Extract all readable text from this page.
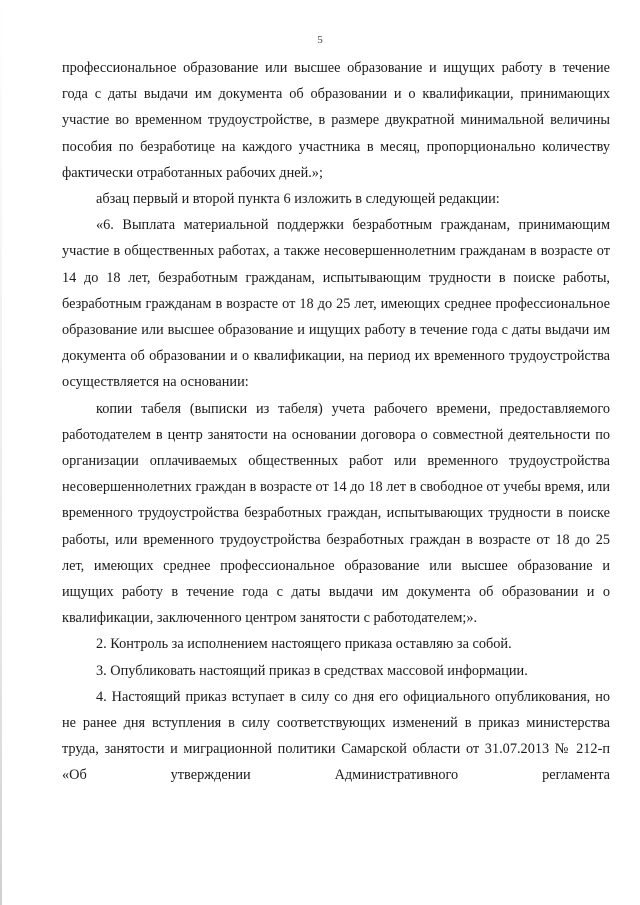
5

профессиональное образование или высшее образование и ищущих работу в течение года с даты выдачи им документа об образовании и о квалификации, принимающих участие во временном трудоустройстве, в размере двукратной минимальной величины пособия по безработице на каждого участника в месяц, пропорционально количеству фактически отработанных рабочих дней.»;

абзац первый и второй пункта 6 изложить в следующей редакции:

«6. Выплата материальной поддержки безработным гражданам, принимающим участие в общественных работах, а также несовершеннолетним гражданам в возрасте от 14 до 18 лет, безработным гражданам, испытывающим трудности в поиске работы, безработным гражданам в возрасте от 18 до 25 лет, имеющих среднее профессиональное образование или высшее образование и ищущих работу в течение года с даты выдачи им документа об образовании и о квалификации, на период их временного трудоустройства осуществляется на основании:

копии табеля (выписки из табеля) учета рабочего времени, предоставляемого работодателем в центр занятости на основании договора о совместной деятельности по организации оплачиваемых общественных работ или временного трудоустройства несовершеннолетних граждан в возрасте от 14 до 18 лет в свободное от учебы время, или временного трудоустройства безработных граждан, испытывающих трудности в поиске работы, или временного трудоустройства безработных граждан в возрасте от 18 до 25 лет, имеющих среднее профессиональное образование или высшее образование и ищущих работу в течение года с даты выдачи им документа об образовании и о квалификации, заключенного центром занятости с работодателем;».

2. Контроль за исполнением настоящего приказа оставляю за собой.

3. Опубликовать настоящий приказ в средствах массовой информации.

4. Настоящий приказ вступает в силу со дня его официального опубликования, но не ранее дня вступления в силу соответствующих изменений в приказ министерства труда, занятости и миграционной политики Самарской области от 31.07.2013 № 212-п «Об утверждении Административного регламента
